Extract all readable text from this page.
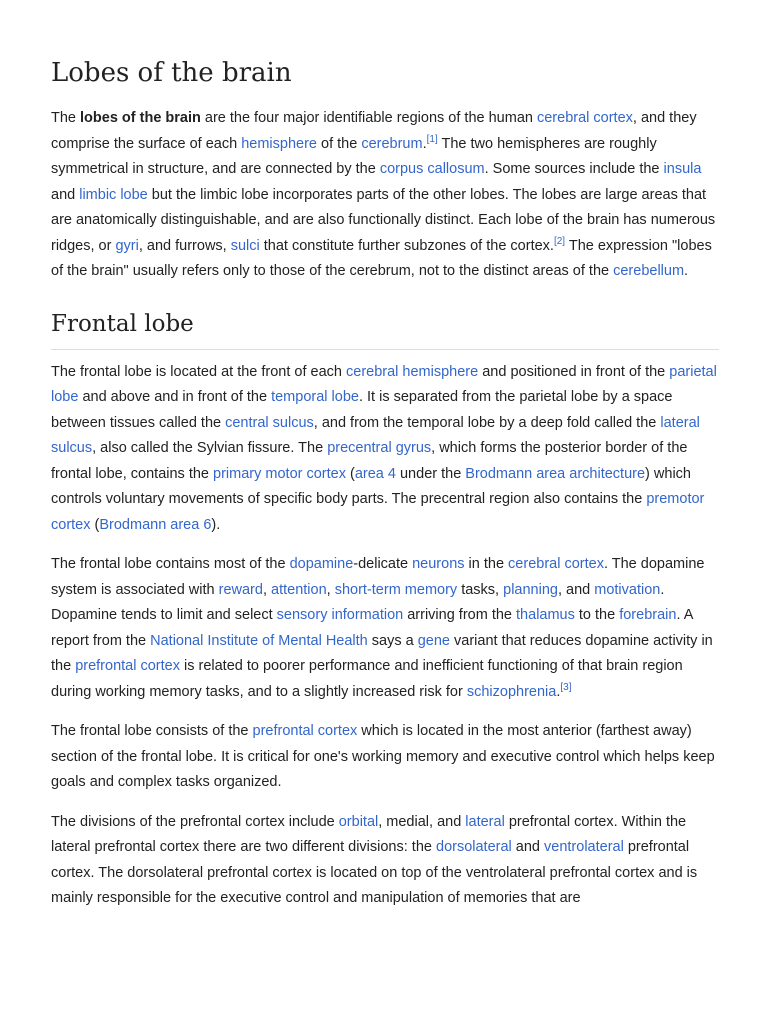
Lobes of the brain

The lobes of the brain are the four major identifiable regions of the human cerebral cortex, and they comprise the surface of each hemisphere of the cerebrum.[1] The two hemispheres are roughly symmetrical in structure, and are connected by the corpus callosum. Some sources include the insula and limbic lobe but the limbic lobe incorporates parts of the other lobes. The lobes are large areas that are anatomically distinguishable, and are also functionally distinct. Each lobe of the brain has numerous ridges, or gyri, and furrows, sulci that constitute further subzones of the cortex.[2] The expression "lobes of the brain" usually refers only to those of the cerebrum, not to the distinct areas of the cerebellum.

Frontal lobe

The frontal lobe is located at the front of each cerebral hemisphere and positioned in front of the parietal lobe and above and in front of the temporal lobe. It is separated from the parietal lobe by a space between tissues called the central sulcus, and from the temporal lobe by a deep fold called the lateral sulcus, also called the Sylvian fissure. The precentral gyrus, which forms the posterior border of the frontal lobe, contains the primary motor cortex (area 4 under the Brodmann area architecture) which controls voluntary movements of specific body parts. The precentral region also contains the premotor cortex (Brodmann area 6).

The frontal lobe contains most of the dopamine-delicate neurons in the cerebral cortex. The dopamine system is associated with reward, attention, short-term memory tasks, planning, and motivation. Dopamine tends to limit and select sensory information arriving from the thalamus to the forebrain. A report from the National Institute of Mental Health says a gene variant that reduces dopamine activity in the prefrontal cortex is related to poorer performance and inefficient functioning of that brain region during working memory tasks, and to a slightly increased risk for schizophrenia.[3]

The frontal lobe consists of the prefrontal cortex which is located in the most anterior (farthest away) section of the frontal lobe. It is critical for one's working memory and executive control which helps keep goals and complex tasks organized.

The divisions of the prefrontal cortex include orbital, medial, and lateral prefrontal cortex. Within the lateral prefrontal cortex there are two different divisions: the dorsolateral and ventrolateral prefrontal cortex. The dorsolateral prefrontal cortex is located on top of the ventrolateral prefrontal cortex and is mainly responsible for the executive control and manipulation of memories that are
